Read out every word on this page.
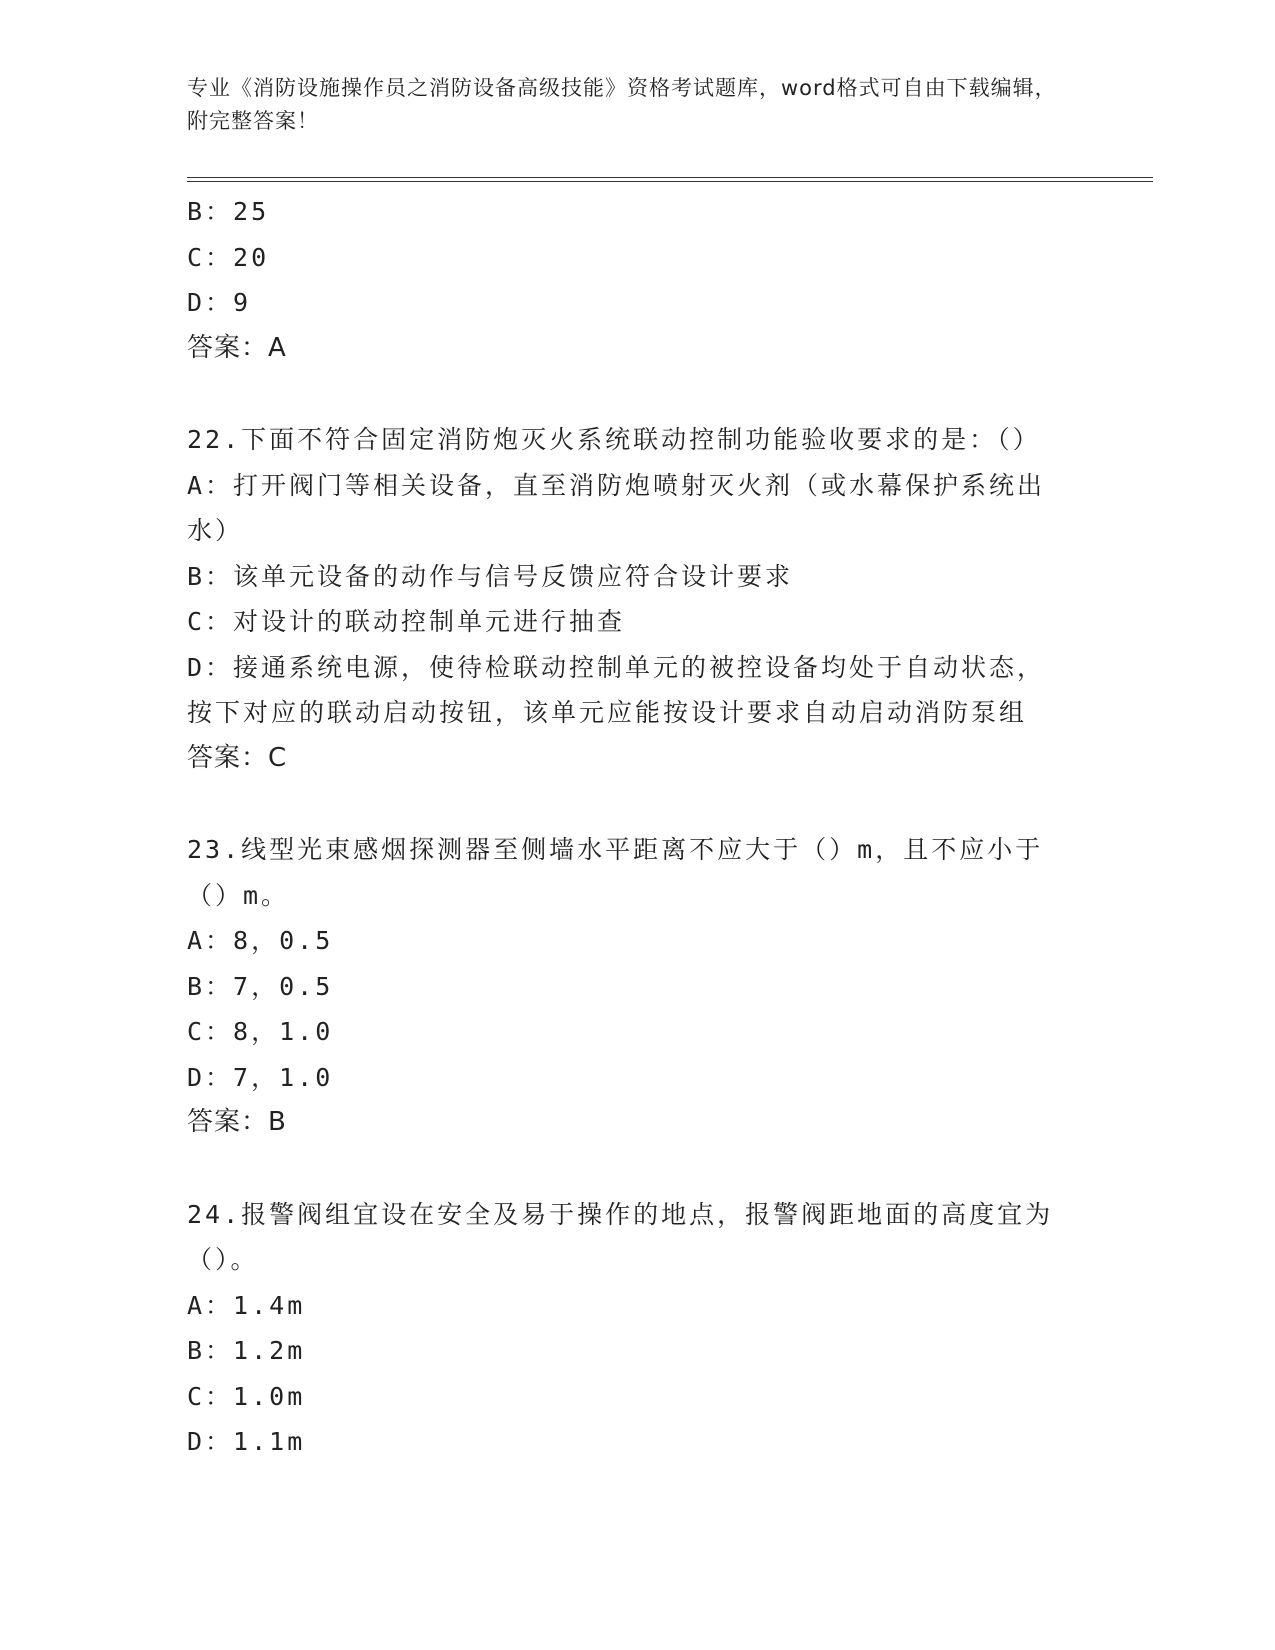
专业《消防设施操作员之消防设备高级技能》资格考试题库，word格式可自由下载编辑，附完整答案！
B：25
C：20
D：9
答案：A
22.下面不符合固定消防炮灭火系统联动控制功能验收要求的是：（）
A：打开阀门等相关设备，直至消防炮喷射灭火剂（或水幕保护系统出
水）
B：该单元设备的动作与信号反馈应符合设计要求
C：对设计的联动控制单元进行抽查
D：接通系统电源，使待检联动控制单元的被控设备均处于自动状态，
按下对应的联动启动按钮，该单元应能按设计要求自动启动消防泵组
答案：C
23.线型光束感烟探测器至侧墙水平距离不应大于（）m，且不应小于
（）m。
A：8，0.5
B：7，0.5
C：8，1.0
D：7，1.0
答案：B
24.报警阀组宜设在安全及易于操作的地点，报警阀距地面的高度宜为
（）。
A：1.4m
B：1.2m
C：1.0m
D：1.1m
